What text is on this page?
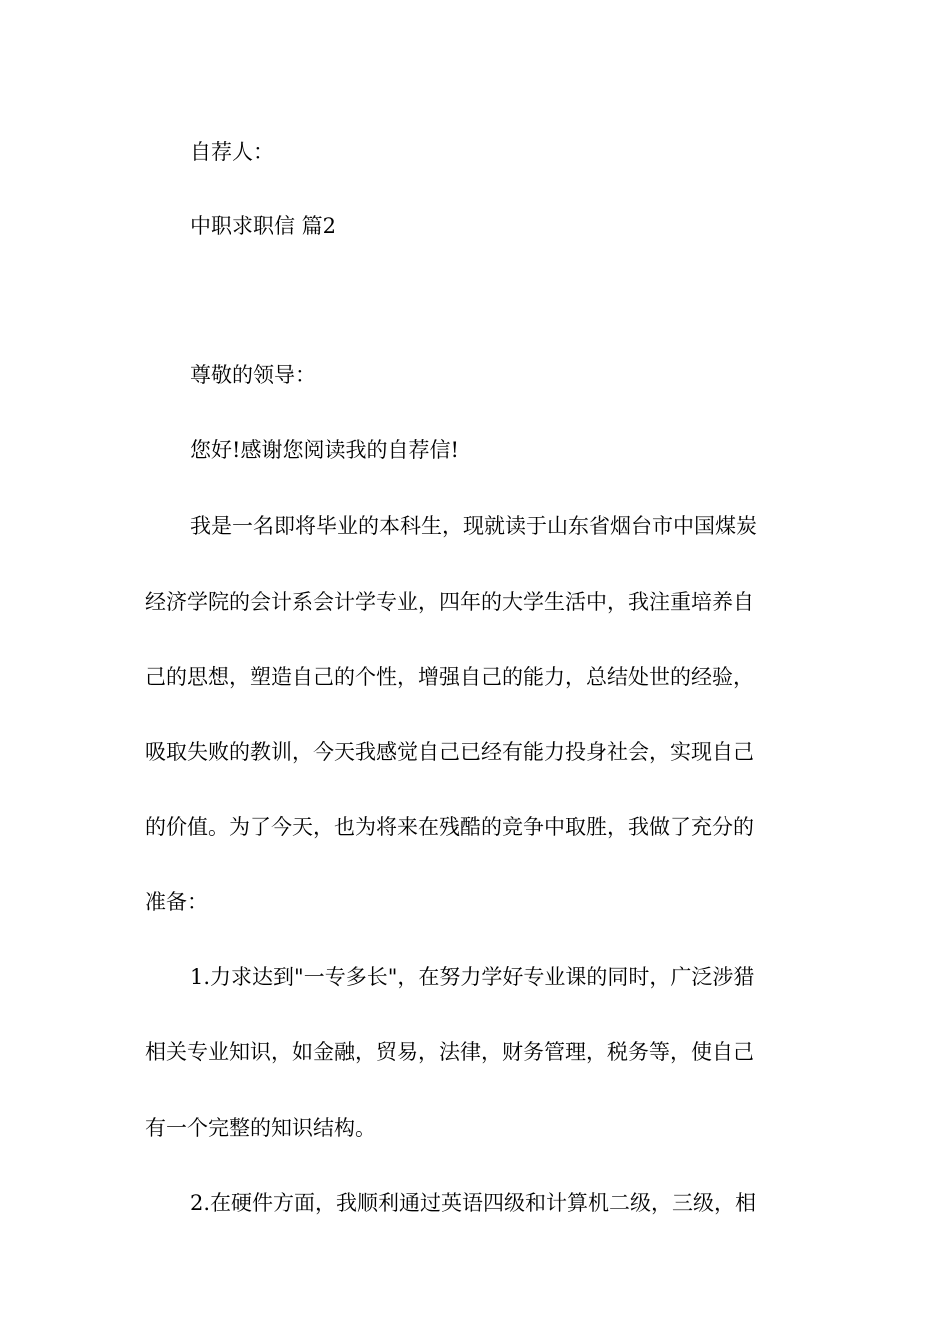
自荐人：
中职求职信 篇2
尊敬的领导：
您好!感谢您阅读我的自荐信!
我是一名即将毕业的本科生，现就读于山东省烟台市中国煤炭
经济学院的会计系会计学专业，四年的大学生活中，我注重培养自
己的思想，塑造自己的个性，增强自己的能力，总结处世的经验，
吸取失败的教训，今天我感觉自己已经有能力投身社会，实现自己
的价值。为了今天，也为将来在残酷的竞争中取胜，我做了充分的
准备：
1.力求达到"一专多长"，在努力学好专业课的同时，广泛涉猎
相关专业知识，如金融，贸易，法律，财务管理，税务等，使自己
有一个完整的知识结构。
2.在硬件方面，我顺利通过英语四级和计算机二级，三级，相
